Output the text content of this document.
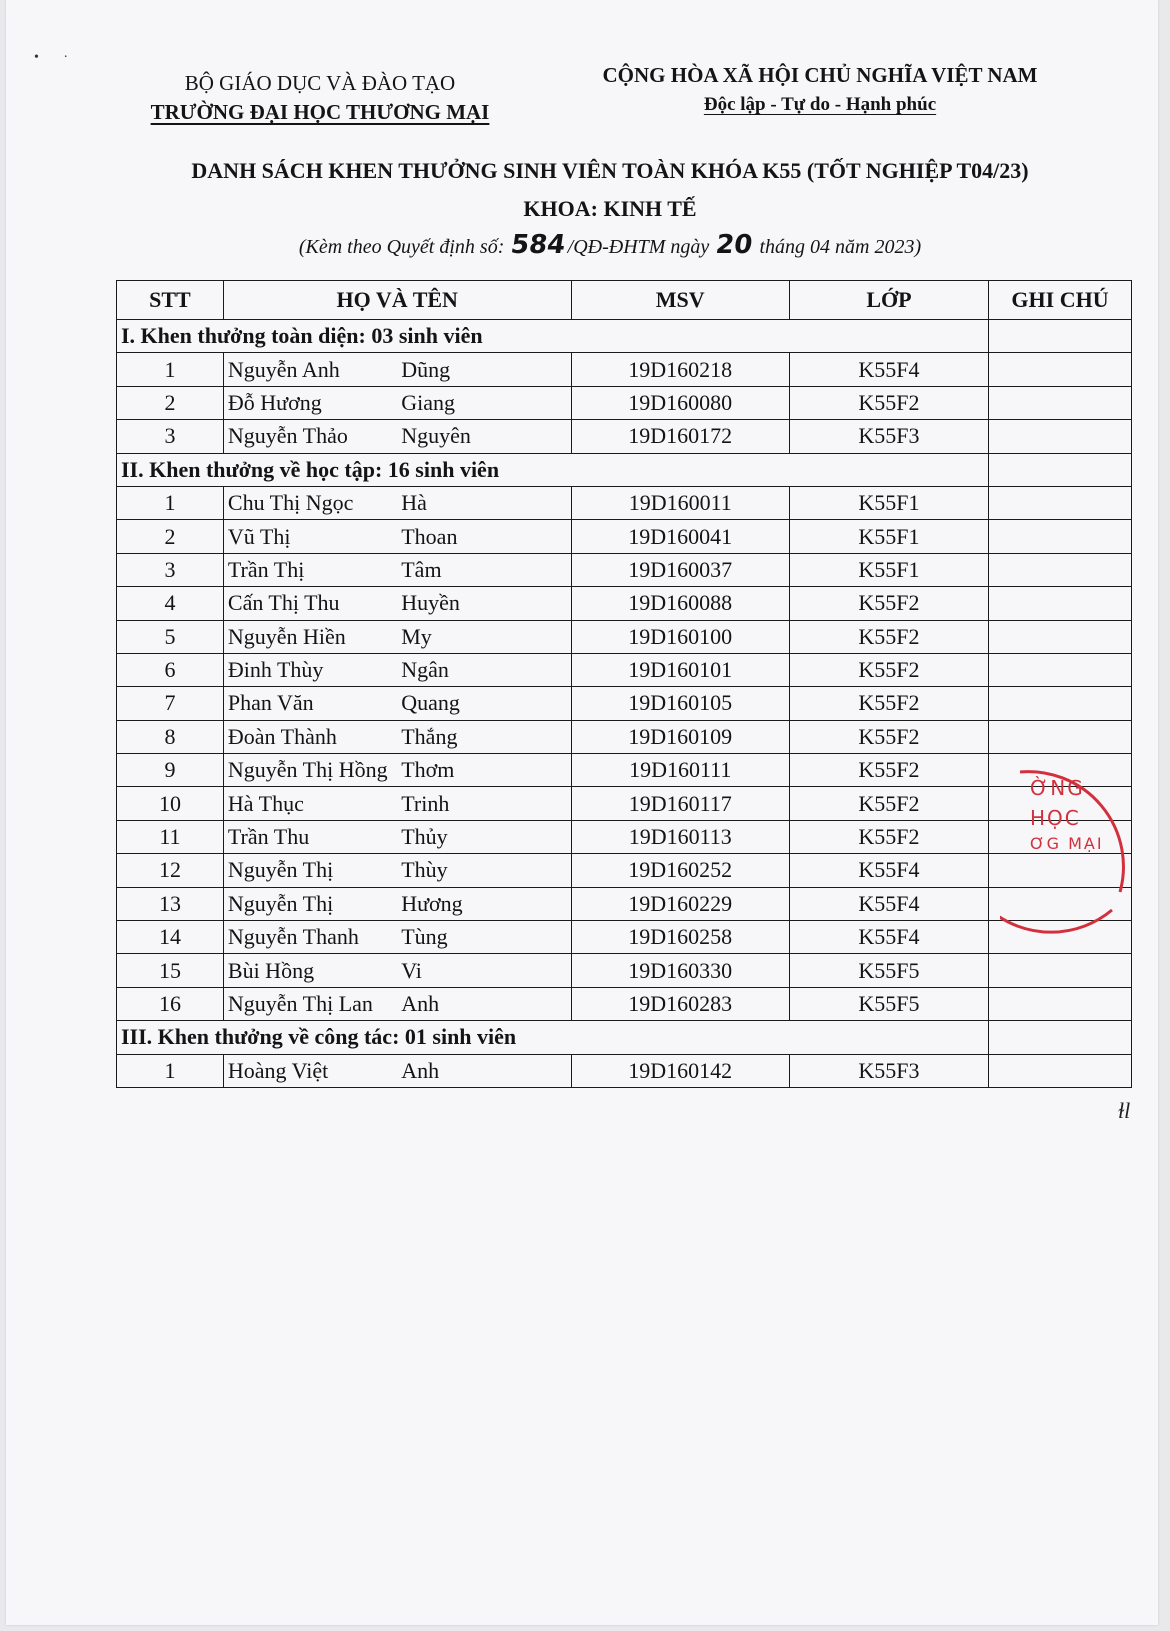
•       ·
BỘ GIÁO DỤC VÀ ĐÀO TẠO
TRƯỜNG ĐẠI HỌC THƯƠNG MẠI
CỘNG HÒA XÃ HỘI CHỦ NGHĨA VIỆT NAM
Độc lập - Tự do - Hạnh phúc
DANH SÁCH KHEN THƯỞNG SINH VIÊN TOÀN KHÓA K55 (TỐT NGHIỆP T04/23)
KHOA: KINH TẾ
(Kèm theo Quyết định số: 584/QĐ-ĐHTM ngày 20 tháng 04 năm 2023)
STT	HỌ VÀ TÊN		MSV	LỚP	GHI CHÚ
I. Khen thưởng toàn diện: 03 sinh viên					
1	Nguyễn Anh	Dũng	19D160218	K55F4	
2	Đỗ Hương	Giang	19D160080	K55F2	
3	Nguyễn Thảo	Nguyên	19D160172	K55F3	
II. Khen thưởng về học tập: 16 sinh viên					
1	Chu Thị Ngọc	Hà	19D160011	K55F1	
2	Vũ Thị	Thoan	19D160041	K55F1	
3	Trần Thị	Tâm	19D160037	K55F1	
4	Cấn Thị Thu	Huyền	19D160088	K55F2	
5	Nguyễn Hiền	My	19D160100	K55F2	
6	Đinh Thùy	Ngân	19D160101	K55F2	
7	Phan Văn	Quang	19D160105	K55F2	
8	Đoàn Thành	Thắng	19D160109	K55F2	
9	Nguyễn Thị Hồng	Thơm	19D160111	K55F2	
10	Hà Thục	Trinh	19D160117	K55F2	
11	Trần Thu	Thủy	19D160113	K55F2	
12	Nguyễn Thị	Thùy	19D160252	K55F4	
13	Nguyễn Thị	Hương	19D160229	K55F4	
14	Nguyễn Thanh	Tùng	19D160258	K55F4	
15	Bùi Hồng	Vi	19D160330	K55F5	
16	Nguyễn Thị Lan	Anh	19D160283	K55F5	
III. Khen thưởng về công tác: 01 sinh viên					
1	Hoàng Việt	Anh	19D160142	K55F3	
ỜNG
HỌC
ƠG MẠI
ɫl
